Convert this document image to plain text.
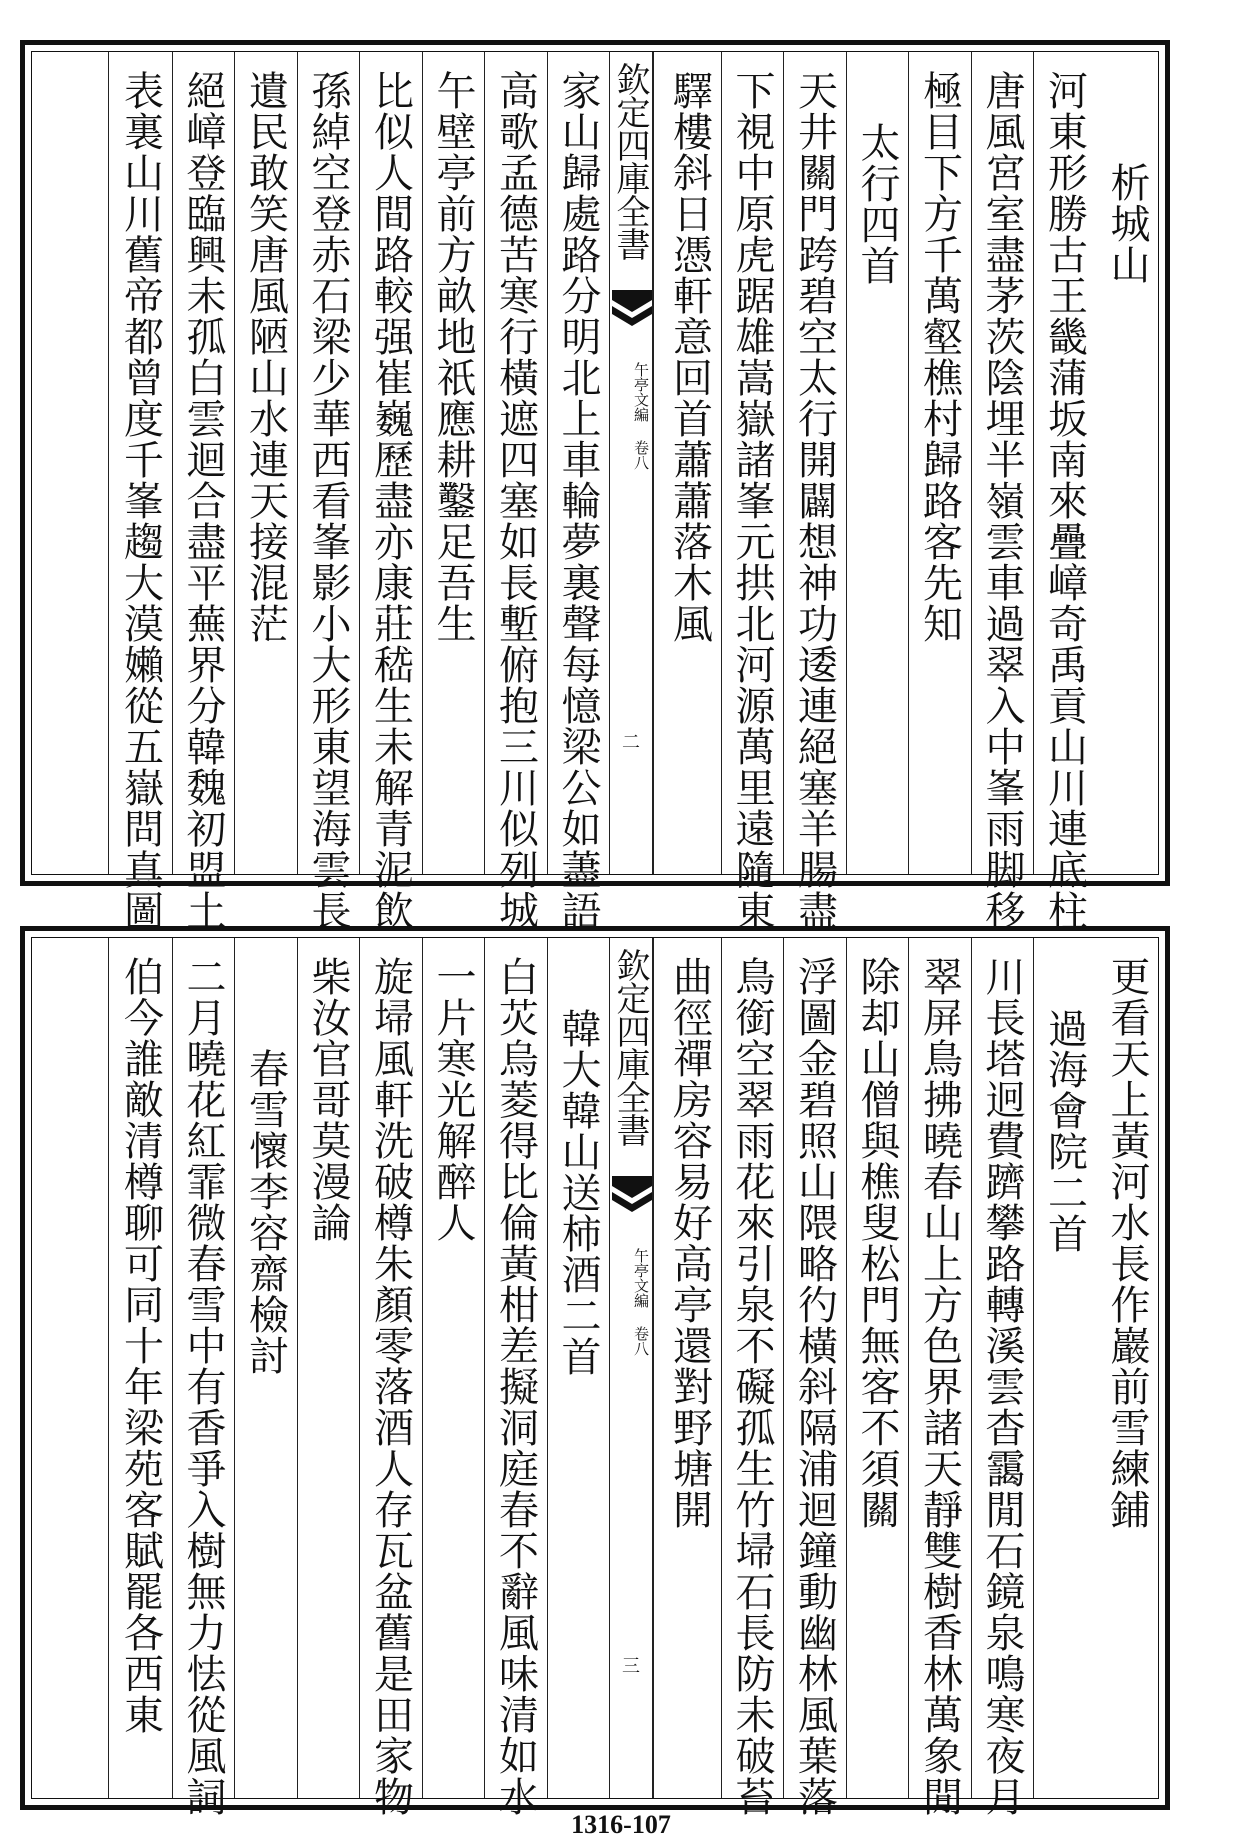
析城山
河東形勝古王畿蒲坂南來疊嶂奇禹貢山川連底柱
唐風宮室盡茅茨陰埋半嶺雲車過翠入中峯雨脚移
極目下方千萬壑樵村歸路客先知
太行四首
天井關門跨碧空太行開闢想神功逶連絕塞羊腸盡
下視中原虎踞雄嵩嶽諸峯元拱北河源萬里遠隨東
驛樓斜日憑軒意回首蕭蕭落木風
欽定四庫全書
午亭文編 卷八
二
家山歸處路分明北上車輪夢裏聲每憶梁公如藎語
高歌孟德苦寒行橫遮四塞如長塹俯抱三川似列城
午壁亭前方畝地祇應耕鑿足吾生
比似人間路較强崔巍歷盡亦康莊嵇生未解青泥飲
孫綽空登赤石梁少華西看峯影小大形東望海雲長
遺民敢笑唐風陋山水連天接混茫
絕嶂登臨興未孤白雲迴合盡平蕪界分韓魏初盟土
表裏山川舊帝都曾度千峯趨大漠嬾從五嶽問真圖
更看天上黃河水長作巖前雪練鋪
過海會院二首
川長塔迥費躋攀路轉溪雲杳靄閒石鏡泉鳴寒夜月
翠屏鳥拂曉春山上方色界諸天靜雙樹香林萬象閒
除却山僧與樵叟松門無客不須關
浮圖金碧照山隈略彴橫斜隔浦迴鐘動幽林風葉落
鳥銜空翠雨花來引泉不礙孤生竹埽石長防未破苔
曲徑禪房容易好高亭還對野塘開
欽定四庫全書
午亭文編 卷八
三
韓大韓山送柿酒二首
白苂烏菱得比倫黃柑差擬洞庭春不辭風味清如水
一片寒光解醉人
旋埽風軒洗破樽朱顏零落酒人存瓦盆舊是田家物
柴汝官哥莫漫論
春雪懷李容齋檢討
二月曉花紅霏微春雪中有香爭入樹無力怯從風詞
伯今誰敵清樽聊可同十年梁苑客賦罷各西東
1316-107
